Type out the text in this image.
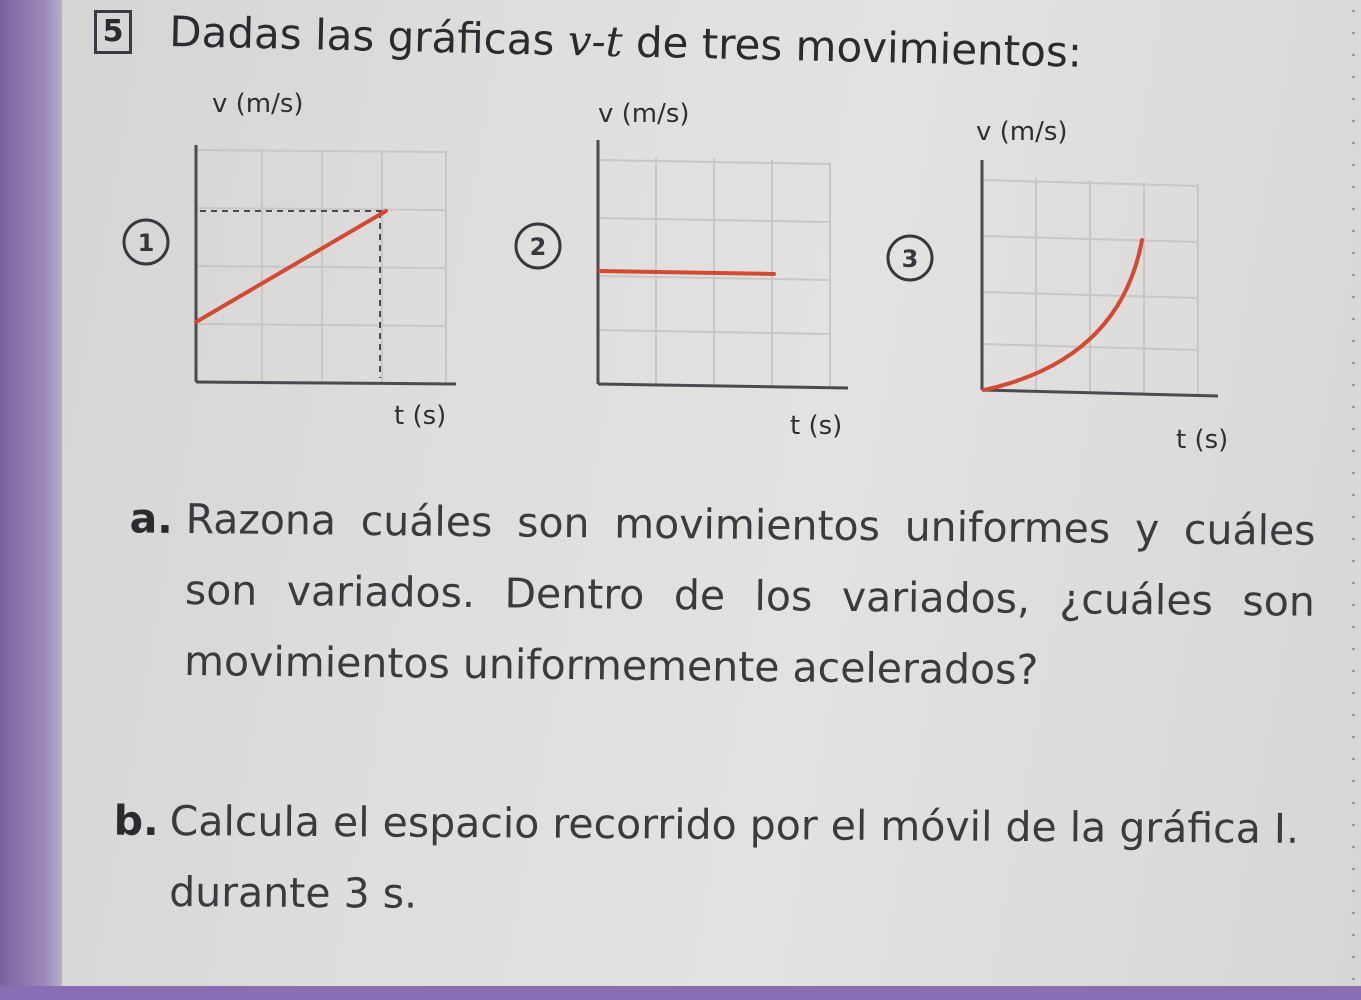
5 Dadas las gráficas v-t de tres movimientos:
1
v (m/s)
t (s)
2
v (m/s)
t (s)
3
v (m/s)
t (s)
a. Razona cuáles son movimientos uniformes y cuáles son variados. Dentro de los variados, ¿cuáles son movimientos uniformemente acelerados?
b. Calcula el espacio recorrido por el móvil de la gráfica I. durante 3 s.
